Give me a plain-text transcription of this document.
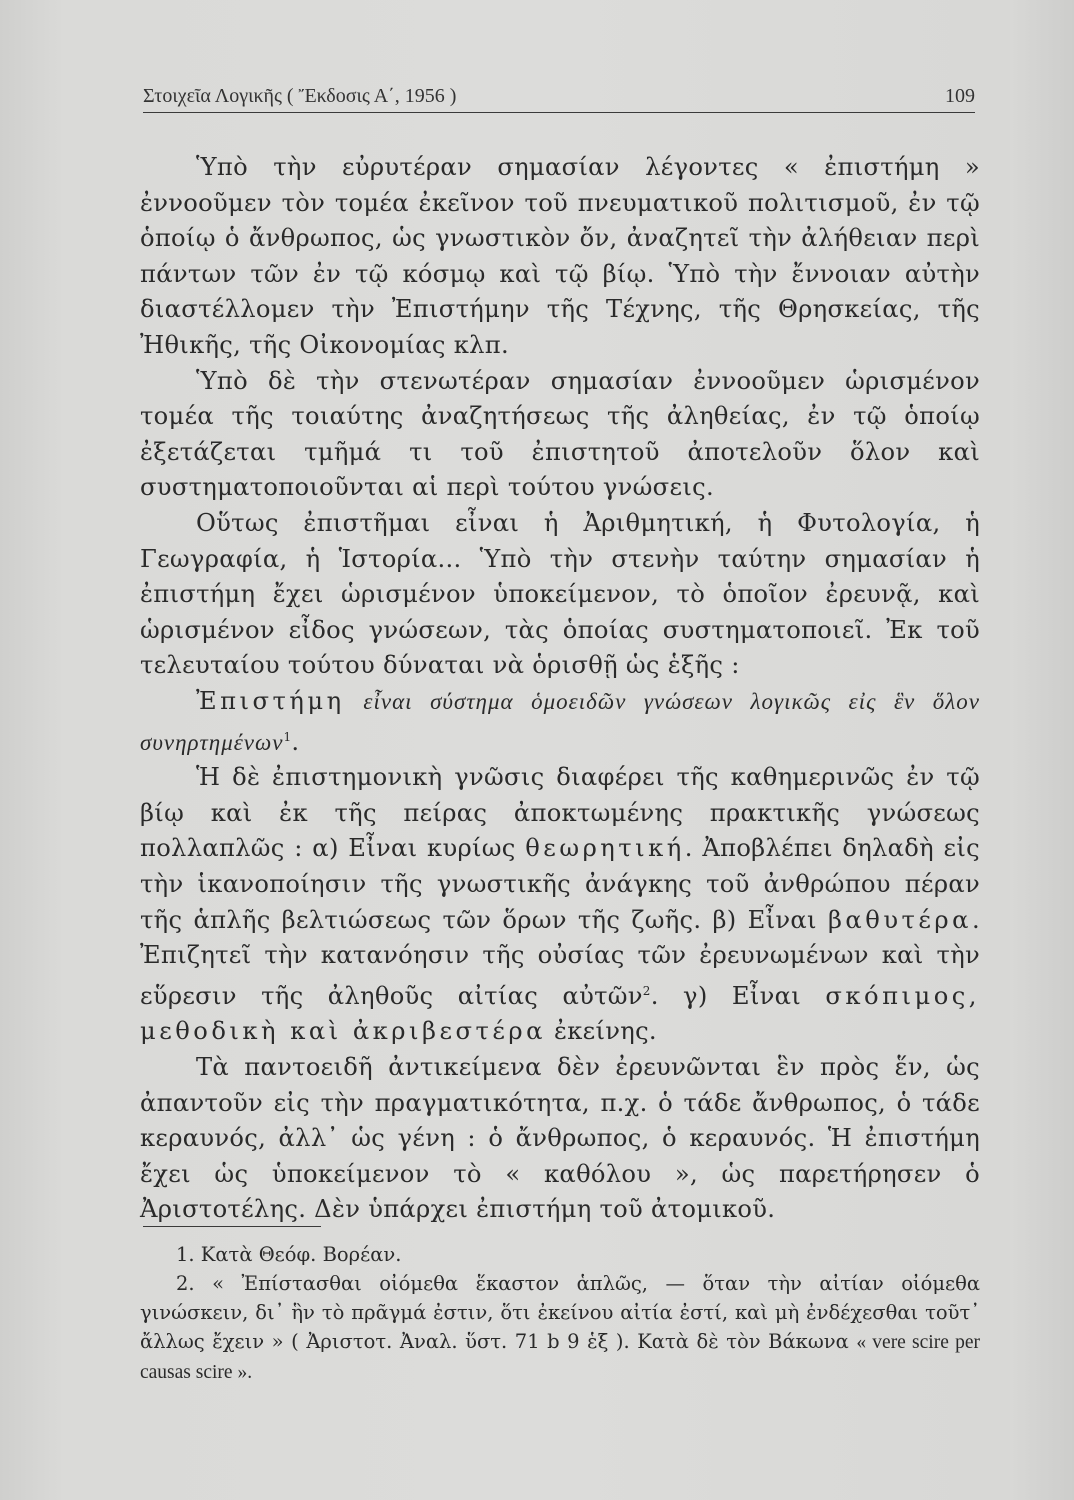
Στοιχεῖα Λογικῆς ( Ἔκδοσις Α΄, 1956 )	109

Ὑπὸ τὴν εὐρυτέραν σημασίαν λέγοντες « ἐπιστήμη » ἐννοοῦμεν τὸν τομέα ἐκεῖνον τοῦ πνευματικοῦ πολιτισμοῦ, ἐν τῷ ὁποίῳ ὁ ἄνθρωπος, ὡς γνωστικὸν ὄν, ἀναζητεῖ τὴν ἀλήθειαν περὶ πάντων τῶν ἐν τῷ κόσμῳ καὶ τῷ βίῳ. Ὑπὸ τὴν ἔννοιαν αὐτὴν διαστέλλομεν τὴν Ἐπιστήμην τῆς Τέχνης, τῆς Θρησκείας, τῆς Ἠθικῆς, τῆς Οἰκονομίας κλπ.

Ὑπὸ δὲ τὴν στενωτέραν σημασίαν ἐννοοῦμεν ὡρισμένον τομέα τῆς τοιαύτης ἀναζητήσεως τῆς ἀληθείας, ἐν τῷ ὁποίῳ ἐξετάζεται τμῆμά τι τοῦ ἐπιστητοῦ ἀποτελοῦν ὅλον καὶ συστηματοποιοῦνται αἱ περὶ τούτου γνώσεις.

Οὕτως ἐπιστῆμαι εἶναι ἡ Ἀριθμητική, ἡ Φυτολογία, ἡ Γεωγραφία, ἡ Ἱστορία... Ὑπὸ τὴν στενὴν ταύτην σημασίαν ἡ ἐπιστήμη ἔχει ὡρισμένον ὑποκείμενον, τὸ ὁποῖον ἐρευνᾷ, καὶ ὡρισμένον εἶδος γνώσεων, τὰς ὁποίας συστηματοποιεῖ. Ἐκ τοῦ τελευταίου τούτου δύναται νὰ ὁρισθῇ ὡς ἑξῆς :

Ἐπιστήμη εἶναι σύστημα ὁμοειδῶν γνώσεων λογικῶς εἰς ἓν ὅλον συνηρτημένων$^1$.

Ἡ δὲ ἐπιστημονικὴ γνῶσις διαφέρει τῆς καθημερινῶς ἐν τῷ βίῳ καὶ ἐκ τῆς πείρας ἀποκτωμένης πρακτικῆς γνώσεως πολλαπλῶς : α) Εἶναι κυρίως θεωρητική. Ἀποβλέπει δηλαδὴ εἰς τὴν ἱκανοποίησιν τῆς γνωστικῆς ἀνάγκης τοῦ ἀνθρώπου πέραν τῆς ἁπλῆς βελτιώσεως τῶν ὅρων τῆς ζωῆς. β) Εἶναι βαθυτέρα. Ἐπιζητεῖ τὴν κατανόησιν τῆς οὐσίας τῶν ἐρευνωμένων καὶ τὴν εὕρεσιν τῆς ἀληθοῦς αἰτίας αὐτῶν$^2$. γ) Εἶναι σκόπιμος, μεθοδικὴ καὶ ἀκριβεστέρα ἐκείνης.

Τὰ παντοειδῆ ἀντικείμενα δὲν ἐρευνῶνται ἓν πρὸς ἕν, ὡς ἀπαντοῦν εἰς τὴν πραγματικότητα, π.χ. ὁ τάδε ἄνθρωπος, ὁ τάδε κεραυνός, ἀλλ᾽ ὡς γένη : ὁ ἄνθρωπος, ὁ κεραυνός. Ἡ ἐπιστήμη ἔχει ὡς ὑποκείμενον τὸ « καθόλου », ὡς παρετήρησεν ὁ Ἀριστοτέλης. Δὲν ὑπάρχει ἐπιστήμη τοῦ ἀτομικοῦ.

1. Κατὰ Θεόφ. Βορέαν.

2. « Ἐπίστασθαι οἰόμεθα ἕκαστον ἁπλῶς, — ὅταν τὴν αἰτίαν οἰόμεθα γινώσκειν, δι᾽ ἣν τὸ πρᾶγμά ἐστιν, ὅτι ἐκείνου αἰτία ἐστί, καὶ μὴ ἐνδέχεσθαι τοῦτ᾽ ἄλλως ἔχειν » ( Ἀριστοτ. Ἀναλ. ὕστ. 71 b 9 ἑξ ). Κατὰ δὲ τὸν Βάκωνα « vere scire per causas scire ».
